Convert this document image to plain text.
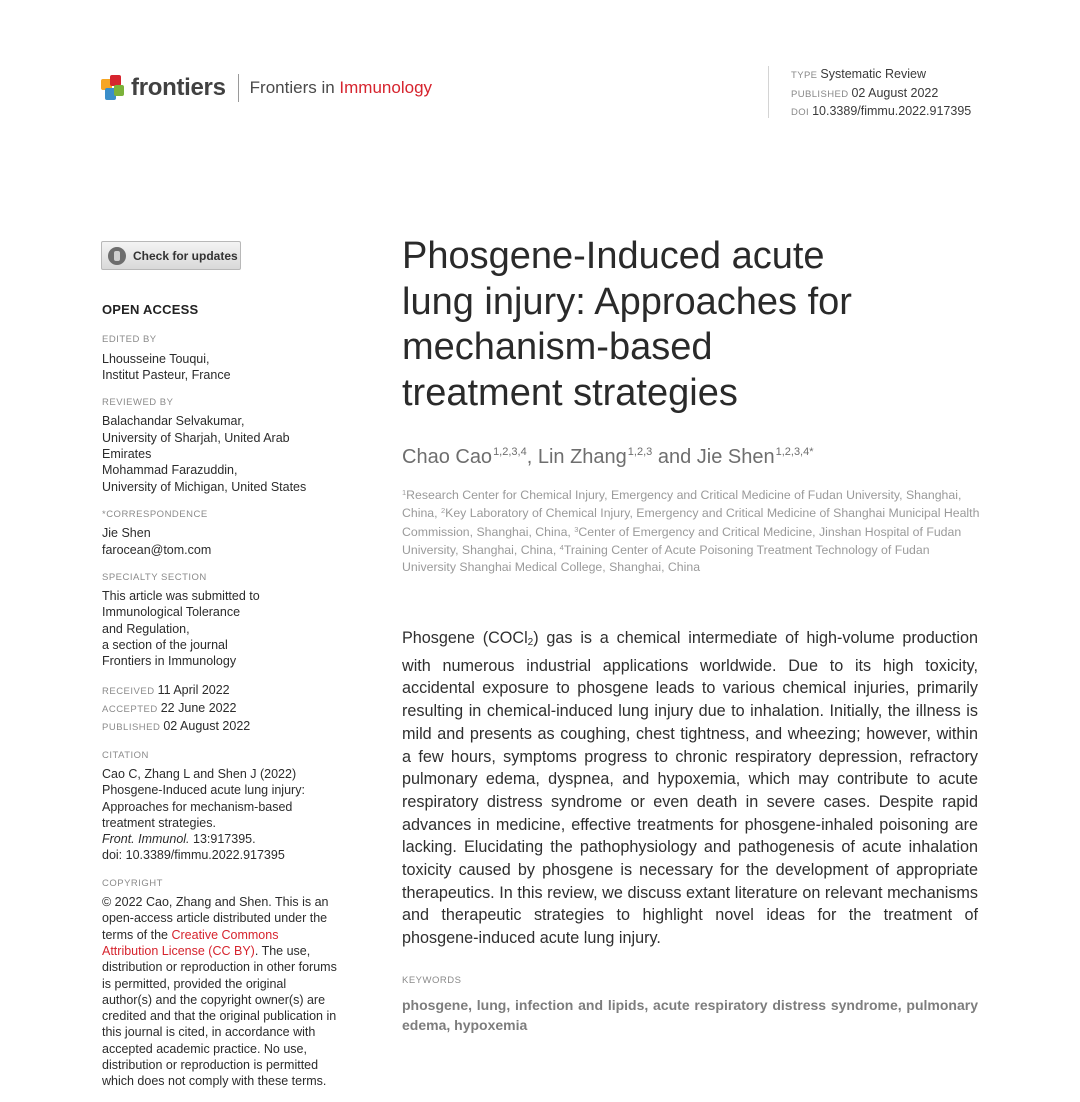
frontiers Frontiers in Immunology
TYPE Systematic Review
PUBLISHED 02 August 2022
DOI 10.3389/fimmu.2022.917395
Check for updates
OPEN ACCESS
EDITED BY
Lhousseine Touqui,
Institut Pasteur, France
REVIEWED BY
Balachandar Selvakumar,
University of Sharjah, United Arab Emirates
Mohammad Farazuddin,
University of Michigan, United States
*CORRESPONDENCE
Jie Shen
farocean@tom.com
SPECIALTY SECTION
This article was submitted to
Immunological Tolerance
and Regulation,
a section of the journal
Frontiers in Immunology
RECEIVED 11 April 2022
ACCEPTED 22 June 2022
PUBLISHED 02 August 2022
CITATION
Cao C, Zhang L and Shen J (2022) Phosgene-Induced acute lung injury: Approaches for mechanism-based treatment strategies.
Front. Immunol. 13:917395.
doi: 10.3389/fimmu.2022.917395
COPYRIGHT
© 2022 Cao, Zhang and Shen. This is an open-access article distributed under the terms of the Creative Commons Attribution License (CC BY). The use, distribution or reproduction in other forums is permitted, provided the original author(s) and the copyright owner(s) are credited and that the original publication in this journal is cited, in accordance with accepted academic practice. No use, distribution or reproduction is permitted which does not comply with these terms.
Phosgene-Induced acute lung injury: Approaches for mechanism-based treatment strategies
Chao Cao$^{1,2,3,4}$, Lin Zhang$^{1,2,3}$ and Jie Shen$^{1,2,3,4*}$
$^1$Research Center for Chemical Injury, Emergency and Critical Medicine of Fudan University, Shanghai, China, $^2$Key Laboratory of Chemical Injury, Emergency and Critical Medicine of Shanghai Municipal Health Commission, Shanghai, China, $^3$Center of Emergency and Critical Medicine, Jinshan Hospital of Fudan University, Shanghai, China, $^4$Training Center of Acute Poisoning Treatment Technology of Fudan University Shanghai Medical College, Shanghai, China
Phosgene (COCl$_2$) gas is a chemical intermediate of high-volume production with numerous industrial applications worldwide. Due to its high toxicity, accidental exposure to phosgene leads to various chemical injuries, primarily resulting in chemical-induced lung injury due to inhalation. Initially, the illness is mild and presents as coughing, chest tightness, and wheezing; however, within a few hours, symptoms progress to chronic respiratory depression, refractory pulmonary edema, dyspnea, and hypoxemia, which may contribute to acute respiratory distress syndrome or even death in severe cases. Despite rapid advances in medicine, effective treatments for phosgene-inhaled poisoning are lacking. Elucidating the pathophysiology and pathogenesis of acute inhalation toxicity caused by phosgene is necessary for the development of appropriate therapeutics. In this review, we discuss extant literature on relevant mechanisms and therapeutic strategies to highlight novel ideas for the treatment of phosgene-induced acute lung injury.
KEYWORDS
phosgene, lung, infection and lipids, acute respiratory distress syndrome, pulmonary edema, hypoxemia
